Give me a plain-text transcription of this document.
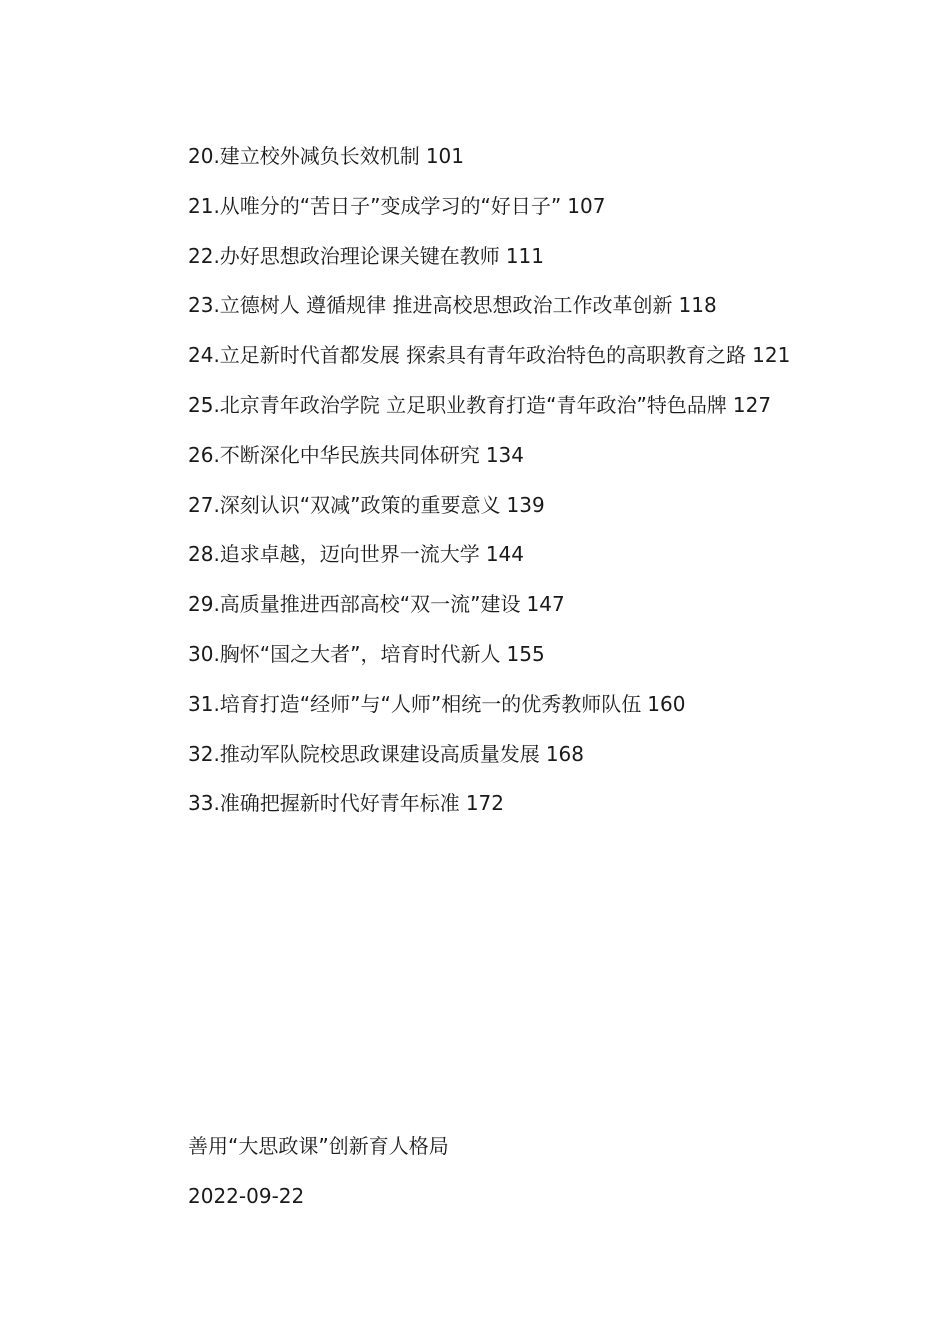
20.建立校外减负长效机制 101

21.从唯分的“苦日子”变成学习的“好日子” 107

22.办好思想政治理论课关键在教师 111

23.立德树人 遵循规律 推进高校思想政治工作改革创新 118

24.立足新时代首都发展 探索具有青年政治特色的高职教育之路 121

25.北京青年政治学院 立足职业教育打造“青年政治”特色品牌 127

26.不断深化中华民族共同体研究 134

27.深刻认识“双减”政策的重要意义 139

28.追求卓越，迈向世界一流大学 144

29.高质量推进西部高校“双一流”建设 147

30.胸怀“国之大者”，培育时代新人 155

31.培育打造“经师”与“人师”相统一的优秀教师队伍 160

32.推动军队院校思政课建设高质量发展 168

33.准确把握新时代好青年标准 172

善用“大思政课”创新育人格局

2022-09-22
